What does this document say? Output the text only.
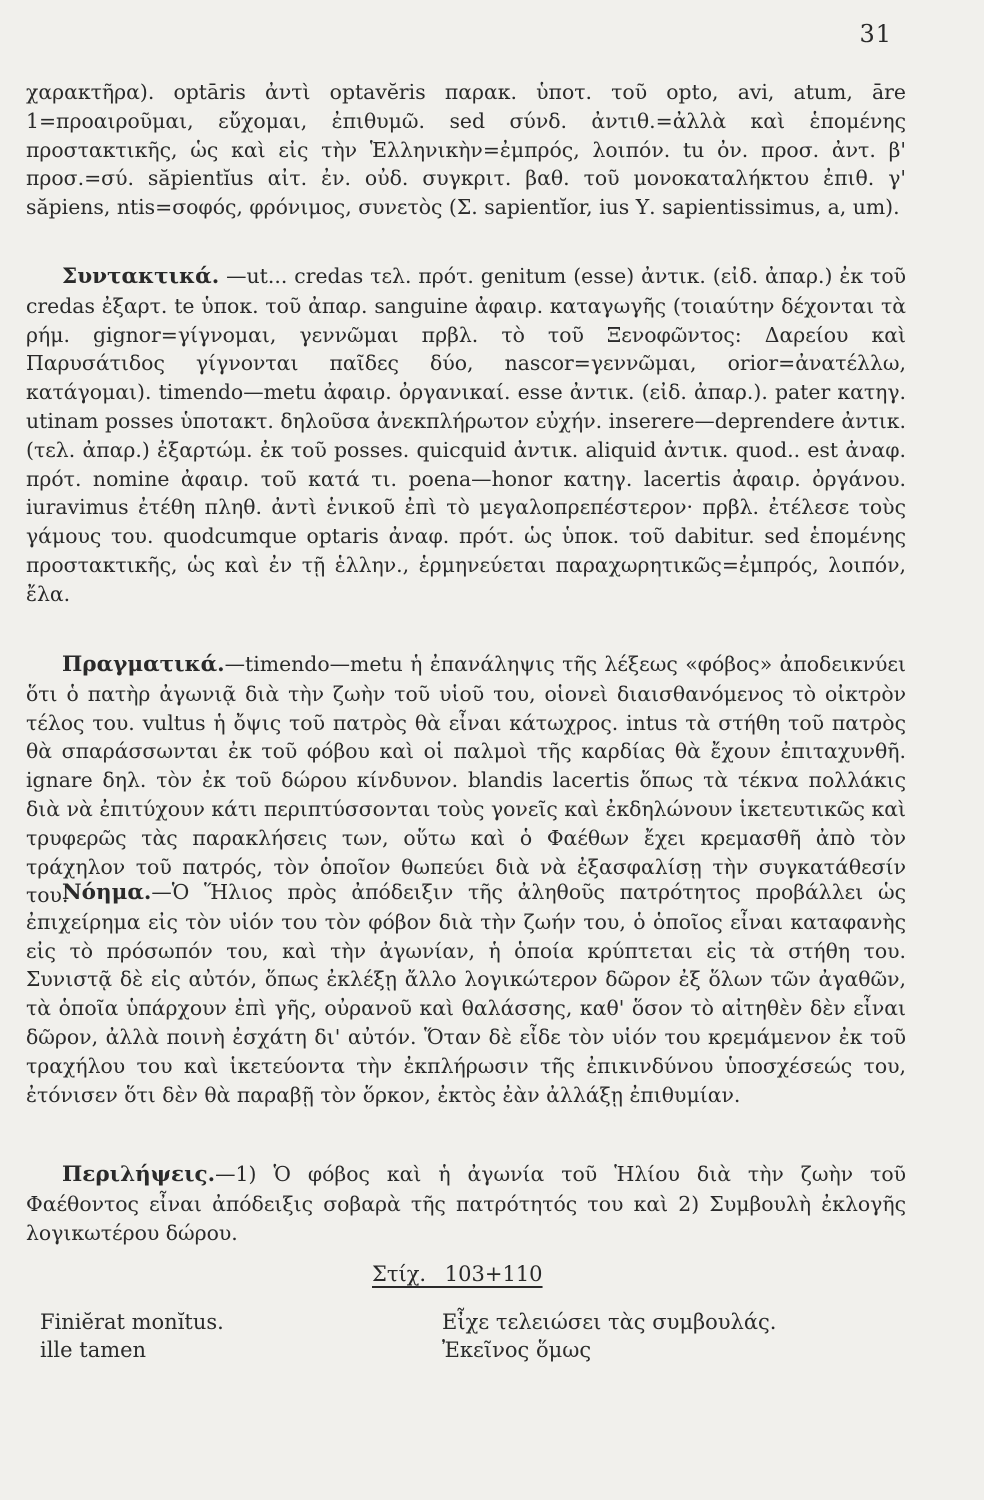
31

χαρακτῆρα). optāris ἀντὶ optavĕris παρακ. ὑποτ. τοῦ opto, avi, atum, āre 1=προαιροῦμαι, εὔχομαι, ἐπιθυμῶ. sed σύνδ. ἀντιθ.=ἀλλὰ καὶ ἑπομένης προστακτικῆς, ὡς καὶ εἰς τὴν Ἑλληνικὴν=ἐμπρός, λοιπόν. tu ὀν. προσ. ἀντ. β' προσ.=σύ. săpientĭus αἰτ. ἐν. οὐδ. συγκριτ. βαθ. τοῦ μονοκαταλήκτου ἐπιθ. γ' săpiens, ntis=σοφός, φρόνιμος, συνετὸς (Σ. sapientĭor, ius Υ. sapientissimus, a, um).

Συντακτικά. —ut... credas τελ. πρότ. genitum (esse) ἀντικ. (εἰδ. ἀπαρ.) ἐκ τοῦ credas ἐξαρτ. te ὑποκ. τοῦ ἀπαρ. sanguine ἀφαιρ. καταγωγῆς (τοιαύτην δέχονται τὰ ρήμ. gignor=γίγνομαι, γεννῶμαι πρβλ. τὸ τοῦ Ξενοφῶντος: Δαρείου καὶ Παρυσάτιδος γίγνονται παῖδες δύο, nascor=γεννῶμαι, orior=ἀνατέλλω, κατάγομαι). timendo—metu ἀφαιρ. ὀργανικαί. esse ἀντικ. (εἰδ. ἀπαρ.). pater κατηγ. utinam posses ὑποτακτ. δηλοῦσα ἀνεκπλήρωτον εὐχήν. inserere—deprendere ἀντικ. (τελ. ἀπαρ.) ἐξαρτώμ. ἐκ τοῦ posses. quicquid ἀντικ. aliquid ἀντικ. quod.. est ἀναφ. πρότ. nomine ἀφαιρ. τοῦ κατά τι. poena—honor κατηγ. lacertis ἀφαιρ. ὀργάνου. iuravimus ἐτέθη πληθ. ἀντὶ ἑνικοῦ ἐπὶ τὸ μεγαλοπρεπέστερον· πρβλ. ἐτέλεσε τοὺς γάμους του. quodcumque optaris ἀναφ. πρότ. ὡς ὑποκ. τοῦ dabitur. sed ἑπομένης προστακτικῆς, ὡς καὶ ἐν τῇ ἑλλην., ἑρμηνεύεται παραχωρητικῶς=ἐμπρός, λοιπόν, ἔλα.

Πραγματικά.—timendo—metu ἡ ἐπανάληψις τῆς λέξεως «φόβος» ἀποδεικνύει ὅτι ὁ πατὴρ ἀγωνιᾷ διὰ τὴν ζωὴν τοῦ υἱοῦ του, οἱονεὶ διαισθανόμενος τὸ οἰκτρὸν τέλος του. vultus ἡ ὄψις τοῦ πατρὸς θὰ εἶναι κάτωχρος. intus τὰ στήθη τοῦ πατρὸς θὰ σπαράσσωνται ἐκ τοῦ φόβου καὶ οἱ παλμοὶ τῆς καρδίας θὰ ἔχουν ἐπιταχυνθῆ. ignare δηλ. τὸν ἐκ τοῦ δώρου κίνδυνον. blandis lacertis ὅπως τὰ τέκνα πολλάκις διὰ νὰ ἐπιτύχουν κάτι περιπτύσσονται τοὺς γονεῖς καὶ ἐκδηλώνουν ἱκετευτικῶς καὶ τρυφερῶς τὰς παρακλήσεις των, οὕτω καὶ ὁ Φαέθων ἔχει κρεμασθῆ ἀπὸ τὸν τράχηλον τοῦ πατρός, τὸν ὁποῖον θωπεύει διὰ νὰ ἐξασφαλίσῃ τὴν συγκατάθεσίν του.

Νόημα.—Ὁ Ἥλιος πρὸς ἀπόδειξιν τῆς ἀληθοῦς πατρότητος προβάλλει ὡς ἐπιχείρημα εἰς τὸν υἱόν του τὸν φόβον διὰ τὴν ζωήν του, ὁ ὁποῖος εἶναι καταφανὴς εἰς τὸ πρόσωπόν του, καὶ τὴν ἀγωνίαν, ἡ ὁποία κρύπτεται εἰς τὰ στήθη του. Συνιστᾷ δὲ εἰς αὐτόν, ὅπως ἐκλέξῃ ἄλλο λογικώτερον δῶρον ἐξ ὅλων τῶν ἀγαθῶν, τὰ ὁποῖα ὑπάρχουν ἐπὶ γῆς, οὐρανοῦ καὶ θαλάσσης, καθ' ὅσον τὸ αἰτηθὲν δὲν εἶναι δῶρον, ἀλλὰ ποινὴ ἐσχάτη δι' αὐτόν. Ὅταν δὲ εἶδε τὸν υἱόν του κρεμάμενον ἐκ τοῦ τραχήλου του καὶ ἱκετεύοντα τὴν ἐκπλήρωσιν τῆς ἐπικινδύνου ὑποσχέσεώς του, ἐτόνισεν ὅτι δὲν θὰ παραβῇ τὸν ὅρκον, ἐκτὸς ἐὰν ἀλλάξῃ ἐπιθυμίαν.

Περιλήψεις.—1) Ὁ φόβος καὶ ἡ ἀγωνία τοῦ Ἡλίου διὰ τὴν ζωὴν τοῦ Φαέθοντος εἶναι ἀπόδειξις σοβαρὰ τῆς πατρότητός του καὶ 2) Συμβουλὴ ἐκλογῆς λογικωτέρου δώρου.

Στίχ. 103+110
Finiĕrat monĭtus.
ille tamen
Εἶχε τελειώσει τὰς συμβουλάς.
Ἐκεῖνος ὅμως
